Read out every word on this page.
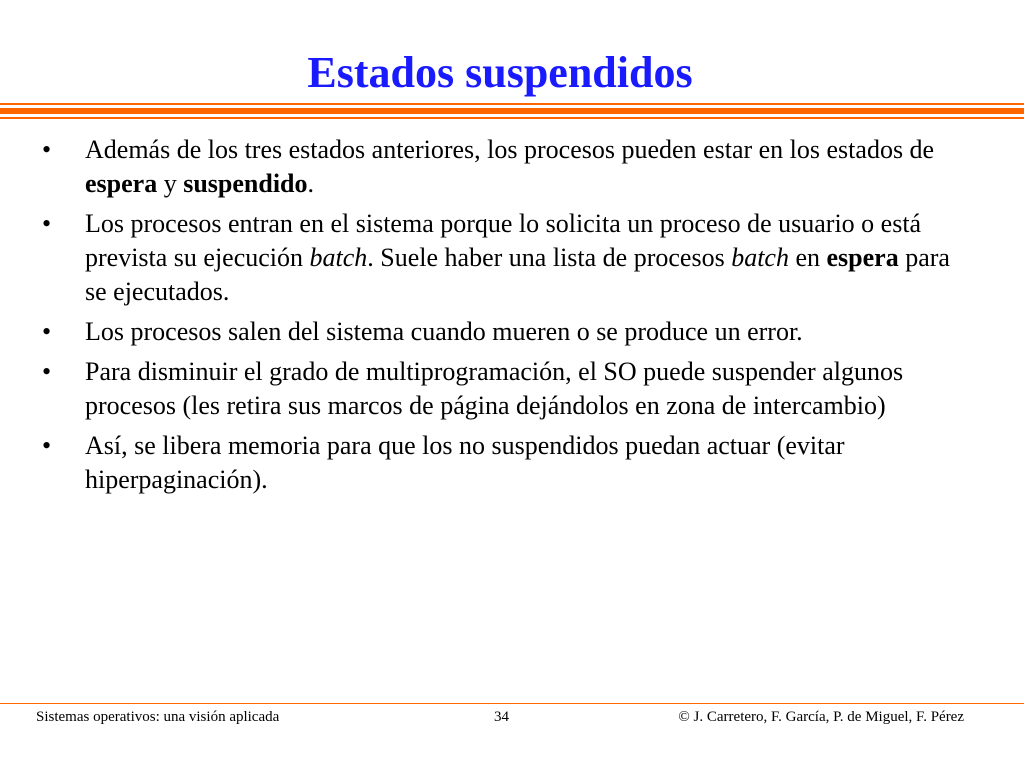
Estados suspendidos
• Además de los tres estados anteriores, los procesos pueden estar en los estados de espera y suspendido.
• Los procesos entran en el sistema porque lo solicita un proceso de usuario o está prevista su ejecución batch. Suele haber una lista de procesos batch en espera para se ejecutados.
• Los procesos salen del sistema cuando mueren o se produce un error.
• Para disminuir el grado de multiprogramación, el SO puede suspender algunos procesos (les retira sus marcos de página dejándolos en zona de intercambio)
• Así, se libera memoria para que los no suspendidos puedan actuar (evitar hiperpaginación).
Sistemas operativos: una visión aplicada	34	© J. Carretero, F. García, P. de Miguel, F. Pérez
